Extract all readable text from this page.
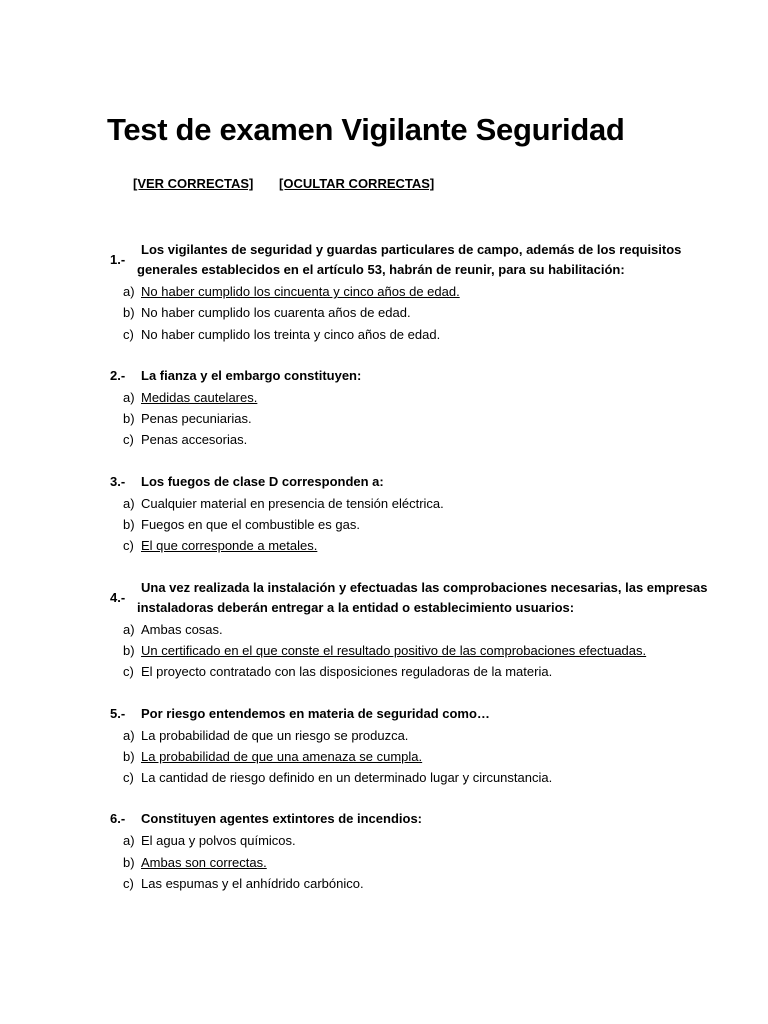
Test de examen Vigilante Seguridad
[VER CORRECTAS] [OCULTAR CORRECTAS]
1.-
Los vigilantes de seguridad y guardas particulares de campo, además de los requisitos
generales establecidos en el artículo 53, habrán de reunir, para su habilitación:
a) No haber cumplido los cincuenta y cinco años de edad.
b) No haber cumplido los cuarenta años de edad.
c) No haber cumplido los treinta y cinco años de edad.
2.- La fianza y el embargo constituyen:
a) Medidas cautelares.
b) Penas pecuniarias.
c) Penas accesorias.
3.- Los fuegos de clase D corresponden a:
a) Cualquier material en presencia de tensión eléctrica.
b) Fuegos en que el combustible es gas.
c) El que corresponde a metales.
4.-
Una vez realizada la instalación y efectuadas las comprobaciones necesarias, las empresas
instaladoras deberán entregar a la entidad o establecimiento usuarios:
a) Ambas cosas.
b) Un certificado en el que conste el resultado positivo de las comprobaciones efectuadas.
c) El proyecto contratado con las disposiciones reguladoras de la materia.
5.- Por riesgo entendemos en materia de seguridad como…
a) La probabilidad de que un riesgo se produzca.
b) La probabilidad de que una amenaza se cumpla.
c) La cantidad de riesgo definido en un determinado lugar y circunstancia.
6.- Constituyen agentes extintores de incendios:
a) El agua y polvos químicos.
b) Ambas son correctas.
c) Las espumas y el anhídrido carbónico.
